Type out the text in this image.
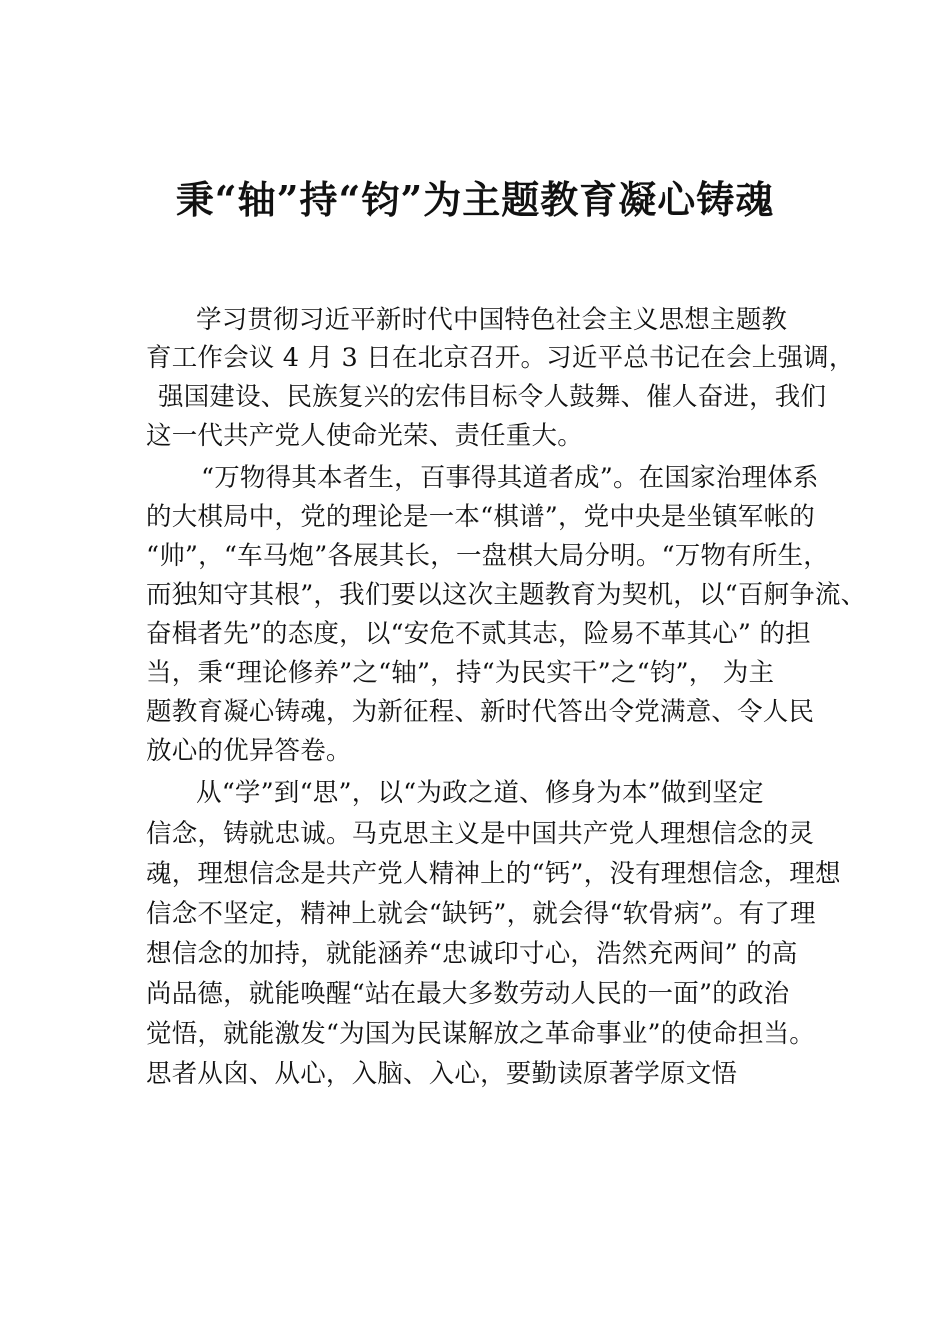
秉“轴”持“钧”为主题教育凝心铸魂
学习贯彻习近平新时代中国特色社会主义思想主题教
育工作会议 4 月 3 日在北京召开。习近平总书记在会上强调，
强国建设、民族复兴的宏伟目标令人鼓舞、催人奋进，我们
这一代共产党人使命光荣、责任重大。
“万物得其本者生，百事得其道者成”。在国家治理体系
的大棋局中，党的理论是一本“棋谱”，党中央是坐镇军帐的
“帅”，“车马炮”各展其长，一盘棋大局分明。“万物有所生，
而独知守其根”，我们要以这次主题教育为契机，以“百舸争流、
奋楫者先”的态度，以“安危不贰其志，险易不革其心” 的担
当，秉“理论修养”之“轴”，持“为民实干”之“钧”， 为主
题教育凝心铸魂，为新征程、新时代答出令党满意、令人民
放心的优异答卷。
从“学”到“思”，以“为政之道、修身为本”做到坚定
信念，铸就忠诚。马克思主义是中国共产党人理想信念的灵
魂，理想信念是共产党人精神上的“钙”，没有理想信念，理想
信念不坚定，精神上就会“缺钙”，就会得“软骨病”。有了理
想信念的加持，就能涵养“忠诚印寸心，浩然充两间” 的高
尚品德，就能唤醒“站在最大多数劳动人民的一面”的政治
觉悟，就能激发“为国为民谋解放之革命事业”的使命担当。
思者从囟、从心，入脑、入心，要勤读原著学原文悟
